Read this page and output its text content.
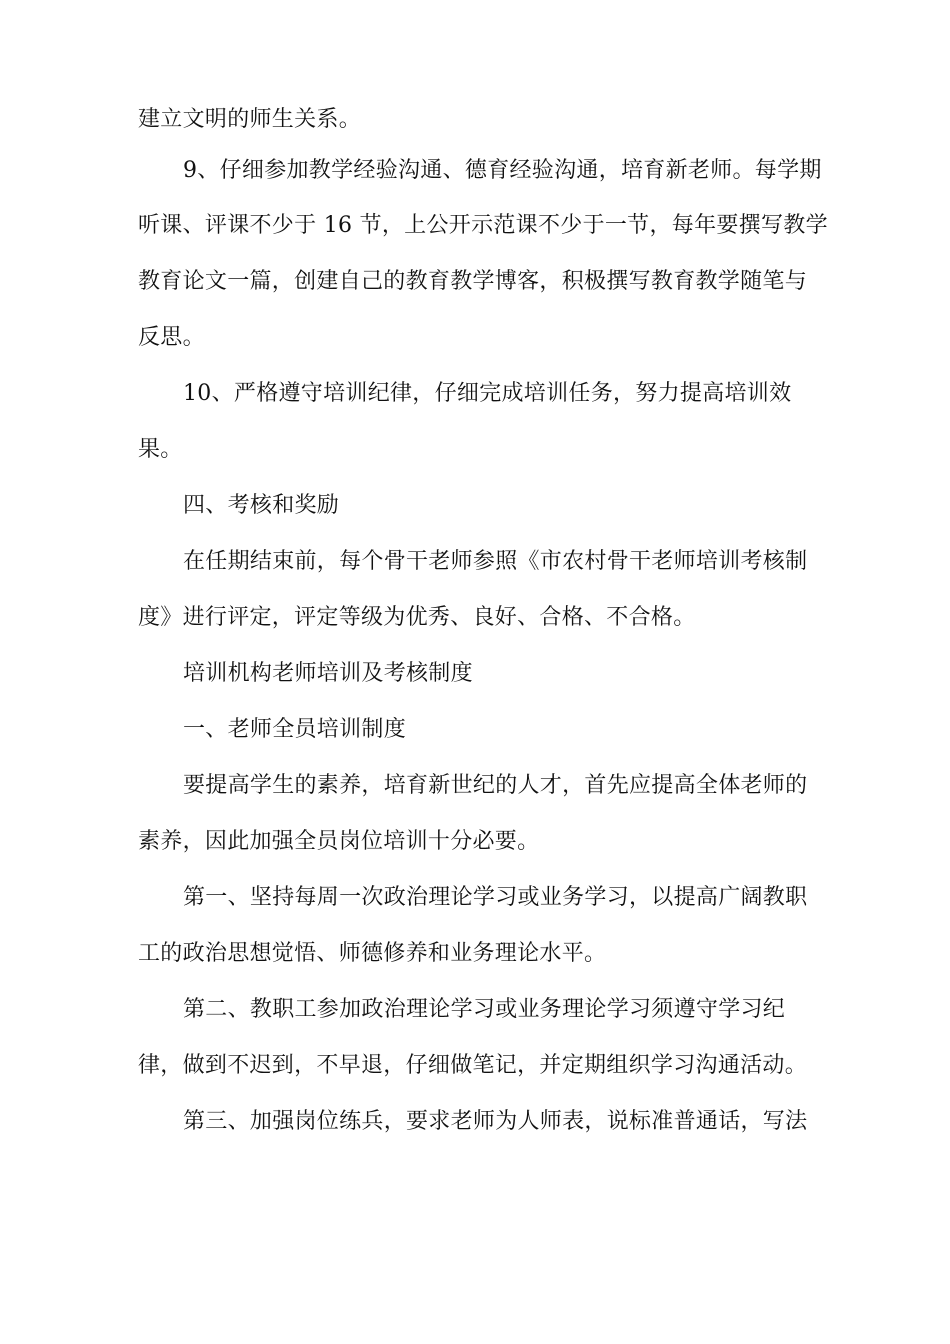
建立文明的师生关系。

9、仔细参加教学经验沟通、德育经验沟通，培育新老师。每学期

听课、评课不少于 16 节，上公开示范课不少于一节，每年要撰写教学

教育论文一篇，创建自己的教育教学博客，积极撰写教育教学随笔与

反思。

10、严格遵守培训纪律，仔细完成培训任务，努力提高培训效

果。

四、考核和奖励

在任期结束前，每个骨干老师参照《市农村骨干老师培训考核制

度》进行评定，评定等级为优秀、良好、合格、不合格。

培训机构老师培训及考核制度

一、老师全员培训制度

要提高学生的素养，培育新世纪的人才，首先应提高全体老师的

素养，因此加强全员岗位培训十分必要。

第一、坚持每周一次政治理论学习或业务学习，以提高广阔教职

工的政治思想觉悟、师德修养和业务理论水平。

第二、教职工参加政治理论学习或业务理论学习须遵守学习纪

律，做到不迟到，不早退，仔细做笔记，并定期组织学习沟通活动。

第三、加强岗位练兵，要求老师为人师表，说标准普通话，写法
